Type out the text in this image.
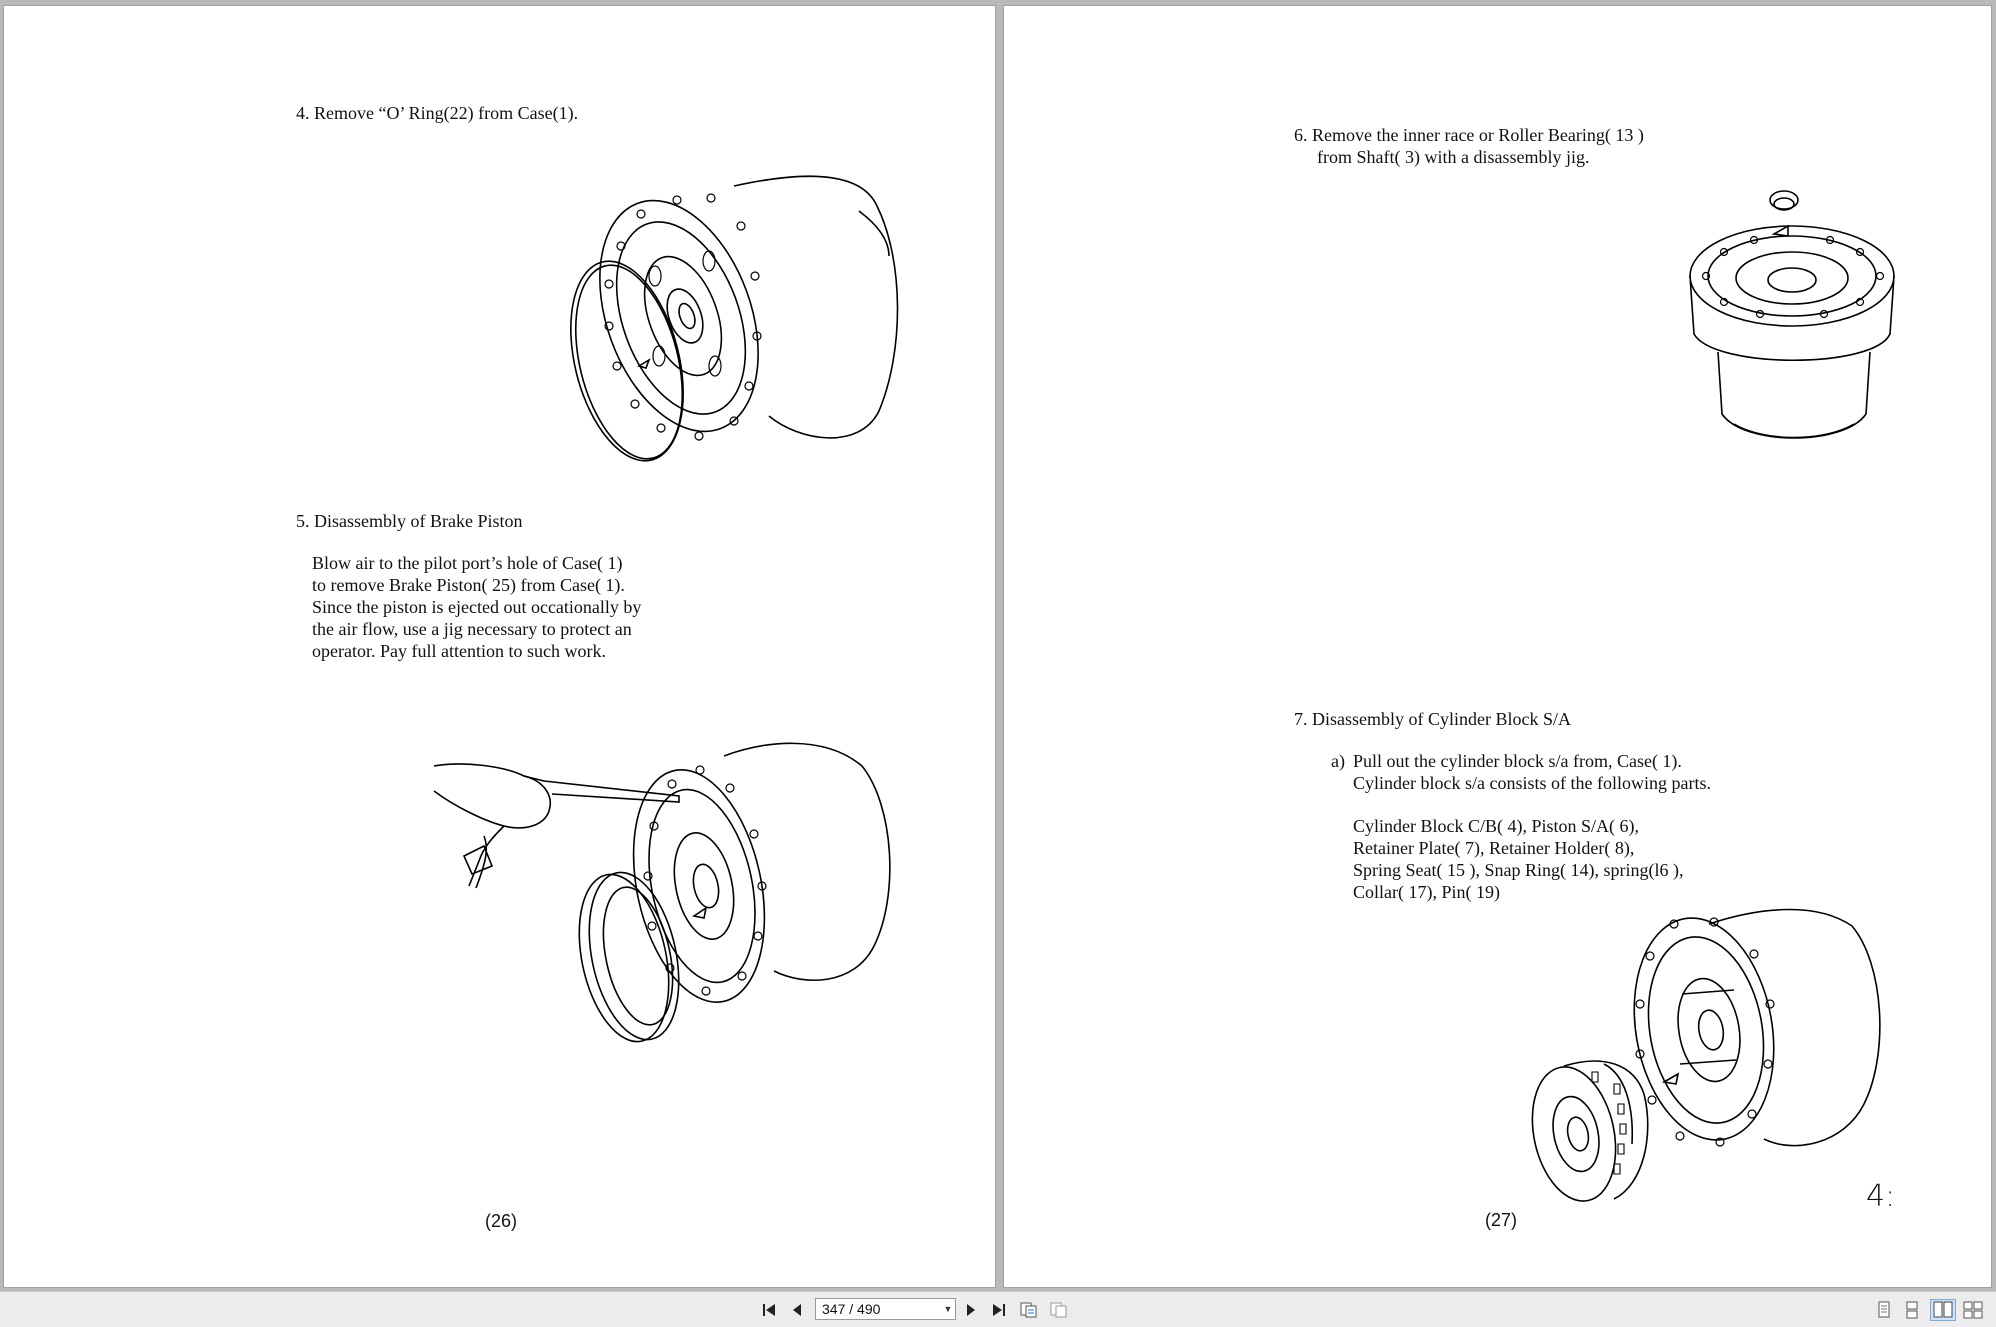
4. Remove “O’ Ring(22) from Case(1).
5. Disassembly of Brake Piston
Blow air to the pilot port’s hole of Case( 1)
to remove Brake Piston( 25) from Case( 1).
Since the piston is ejected out occationally by
the air flow, use a jig necessary to protect an
operator. Pay full attention to such work.
(26)
6. Remove the inner race or Roller Bearing( 13 )
from Shaft( 3) with a disassembly jig.
7. Disassembly of Cylinder Block S/A
a) Pull out the cylinder block s/a from, Case( 1).
Cylinder block s/a consists of the following parts.
Cylinder Block C/B( 4), Piston S/A( 6),
Retainer Plate( 7), Retainer Holder( 8),
Spring Seat( 15 ), Snap Ring( 14), spring(l6 ),
Collar( 17), Pin( 19)
(27)
4:
347 / 490	▼
